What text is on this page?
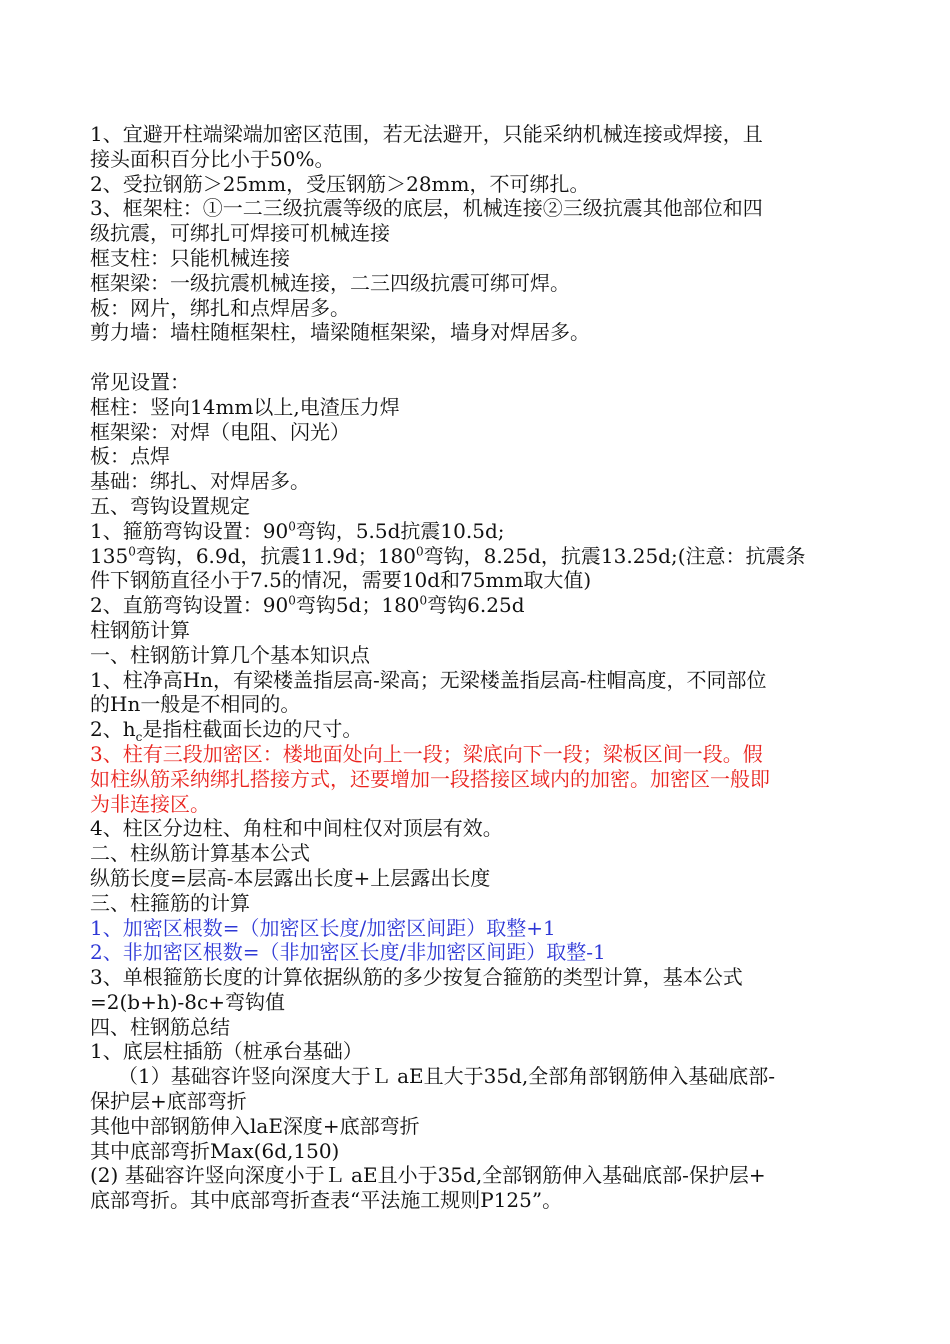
1、宜避开柱端梁端加密区范围，若无法避开，只能采纳机械连接或焊接，且
接头面积百分比小于50%。
2、受拉钢筋＞25mm，受压钢筋＞28mm，不可绑扎。
3、框架柱：①一二三级抗震等级的底层，机械连接②三级抗震其他部位和四
级抗震，可绑扎可焊接可机械连接
框支柱：只能机械连接
框架梁：一级抗震机械连接，二三四级抗震可绑可焊。
板：网片，绑扎和点焊居多。
剪力墙：墙柱随框架柱，墙梁随框架梁，墙身对焊居多。
常见设置：
框柱：竖向14mm以上,电渣压力焊
框架梁：对焊（电阻、闪光）
板：点焊
基础：绑扎、对焊居多。
五、弯钩设置规定
1、箍筋弯钩设置：$90^0$弯钩，5.5d抗震10.5d;
$135^0$弯钩，6.9d，抗震11.9d；$180^0$弯钩，8.25d，抗震13.25d;(注意：抗震条
件下钢筋直径小于7.5的情况，需要10d和75mm取大值)
2、直筋弯钩设置：$90^0$弯钩5d；$180^0$弯钩6.25d
柱钢筋计算
一、柱钢筋计算几个基本知识点
1、柱净高Hn，有梁楼盖指层高-梁高；无梁楼盖指层高-柱帽高度，不同部位
的Hn一般是不相同的。
2、$h_c$是指柱截面长边的尺寸。
3、柱有三段加密区：楼地面处向上一段；梁底向下一段；梁板区间一段。假
如柱纵筋采纳绑扎搭接方式，还要增加一段搭接区域内的加密。加密区一般即
为非连接区。
4、柱区分边柱、角柱和中间柱仅对顶层有效。
二、柱纵筋计算基本公式
纵筋长度=层高-本层露出长度+上层露出长度
三、柱箍筋的计算
1、加密区根数=（加密区长度/加密区间距）取整+1
2、非加密区根数=（非加密区长度/非加密区间距）取整-1
3、单根箍筋长度的计算依据纵筋的多少按复合箍筋的类型计算，基本公式
=2(b+h)-8c+弯钩值
四、柱钢筋总结
1、底层柱插筋（桩承台基础）
（1）基础容许竖向深度大于Ｌ aE且大于35d,全部角部钢筋伸入基础底部-
保护层+底部弯折
其他中部钢筋伸入laE深度+底部弯折
其中底部弯折Max(6d,150)
(2) 基础容许竖向深度小于Ｌ aE且小于35d,全部钢筋伸入基础底部-保护层+
底部弯折。其中底部弯折查表“平法施工规则P125”。
